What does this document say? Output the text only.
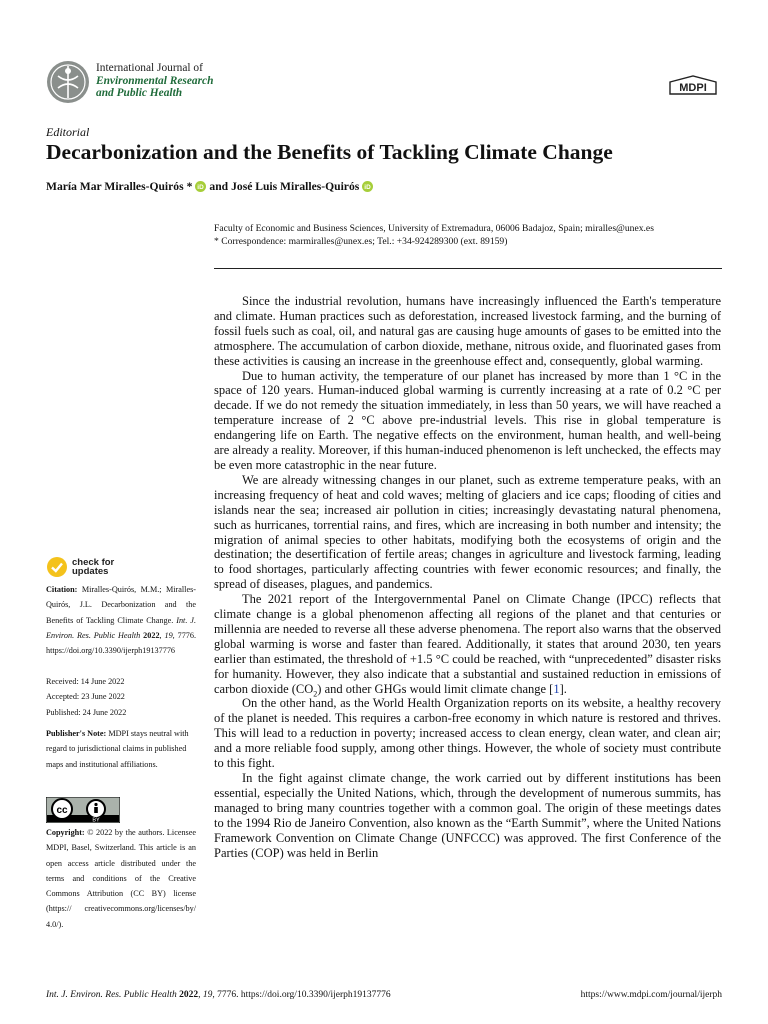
International Journal of
Environmental Research
and Public Health	MDPI
Editorial
Decarbonization and the Benefits of Tackling Climate Change
María Mar Miralles-Quirós * iD and José Luis Miralles-Quirós iD
Faculty of Economic and Business Sciences, University of Extremadura, 06006 Badajoz, Spain; miralles@unex.es
* Correspondence: marmiralles@unex.es; Tel.: +34-924289300 (ext. 89159)
check for
updates
Citation: Miralles-Quirós, M.M.; Miralles-Quirós, J.L. Decarbonization and the Benefits of Tackling Climate Change. Int. J. Environ. Res. Public Health 2022, 19, 7776. https://doi.org/10.3390/ijerph19137776
Received: 14 June 2022
Accepted: 23 June 2022
Published: 24 June 2022
Publisher's Note: MDPI stays neutral with regard to jurisdictional claims in published maps and institutional affiliations.
cc
BY
Copyright: © 2022 by the authors. Licensee MDPI, Basel, Switzerland. This article is an open access article distributed under the terms and conditions of the Creative Commons Attribution (CC BY) license (https:// creativecommons.org/licenses/by/ 4.0/).

Since the industrial revolution, humans have increasingly influenced the Earth's temperature and climate. Human practices such as deforestation, increased livestock farming, and the burning of fossil fuels such as coal, oil, and natural gas are causing huge amounts of gases to be emitted into the atmosphere. The accumulation of carbon dioxide, methane, nitrous oxide, and fluorinated gases from these activities is causing an increase in the greenhouse effect and, consequently, global warming.

Due to human activity, the temperature of our planet has increased by more than 1 °C in the space of 120 years. Human-induced global warming is currently increasing at a rate of 0.2 °C per decade. If we do not remedy the situation immediately, in less than 50 years, we will have reached a temperature increase of 2 °C above pre-industrial levels. This rise in global temperature is endangering life on Earth. The negative effects on the environment, human health, and well-being are already a reality. Moreover, if this human-induced phenomenon is left unchecked, the effects may be even more catastrophic in the near future.

We are already witnessing changes in our planet, such as extreme temperature peaks, with an increasing frequency of heat and cold waves; melting of glaciers and ice caps; flooding of cities and islands near the sea; increased air pollution in cities; increasingly devastating natural phenomena, such as hurricanes, torrential rains, and fires, which are increasing in both number and intensity; the migration of animal species to other habitats, modifying both the ecosystems of origin and the destination; the desertification of fertile areas; changes in agriculture and livestock farming, leading to food shortages, particularly affecting countries with fewer economic resources; and finally, the spread of diseases, plagues, and pandemics.

The 2021 report of the Intergovernmental Panel on Climate Change (IPCC) reflects that climate change is a global phenomenon affecting all regions of the planet and that centuries or millennia are needed to reverse all these adverse phenomena. The report also warns that the observed global warming is worse and faster than feared. Additionally, it states that around 2030, ten years earlier than estimated, the threshold of +1.5 °C could be reached, with “unprecedented” disaster risks for humanity. However, they also indicate that a substantial and sustained reduction in emissions of carbon dioxide $(CO_2)$ and other GHGs would limit climate change [1].

On the other hand, as the World Health Organization reports on its website, a healthy recovery of the planet is needed. This requires a carbon-free economy in which nature is restored and thrives. This will lead to a reduction in poverty; increased access to clean energy, clean water, and clean air; and a more reliable food supply, among other things. However, the whole of society must contribute to this fight.

In the fight against climate change, the work carried out by different institutions has been essential, especially the United Nations, which, through the development of numerous summits, has managed to bring many countries together with a common goal. The origin of these meetings dates to the 1994 Rio de Janeiro Convention, also known as the “Earth Summit”, where the United Nations Framework Convention on Climate Change (UNFCCC) was approved. The first Conference of the Parties (COP) was held in Berlin

Int. J. Environ. Res. Public Health 2022, 19, 7776. https://doi.org/10.3390/ijerph19137776	https://www.mdpi.com/journal/ijerph
